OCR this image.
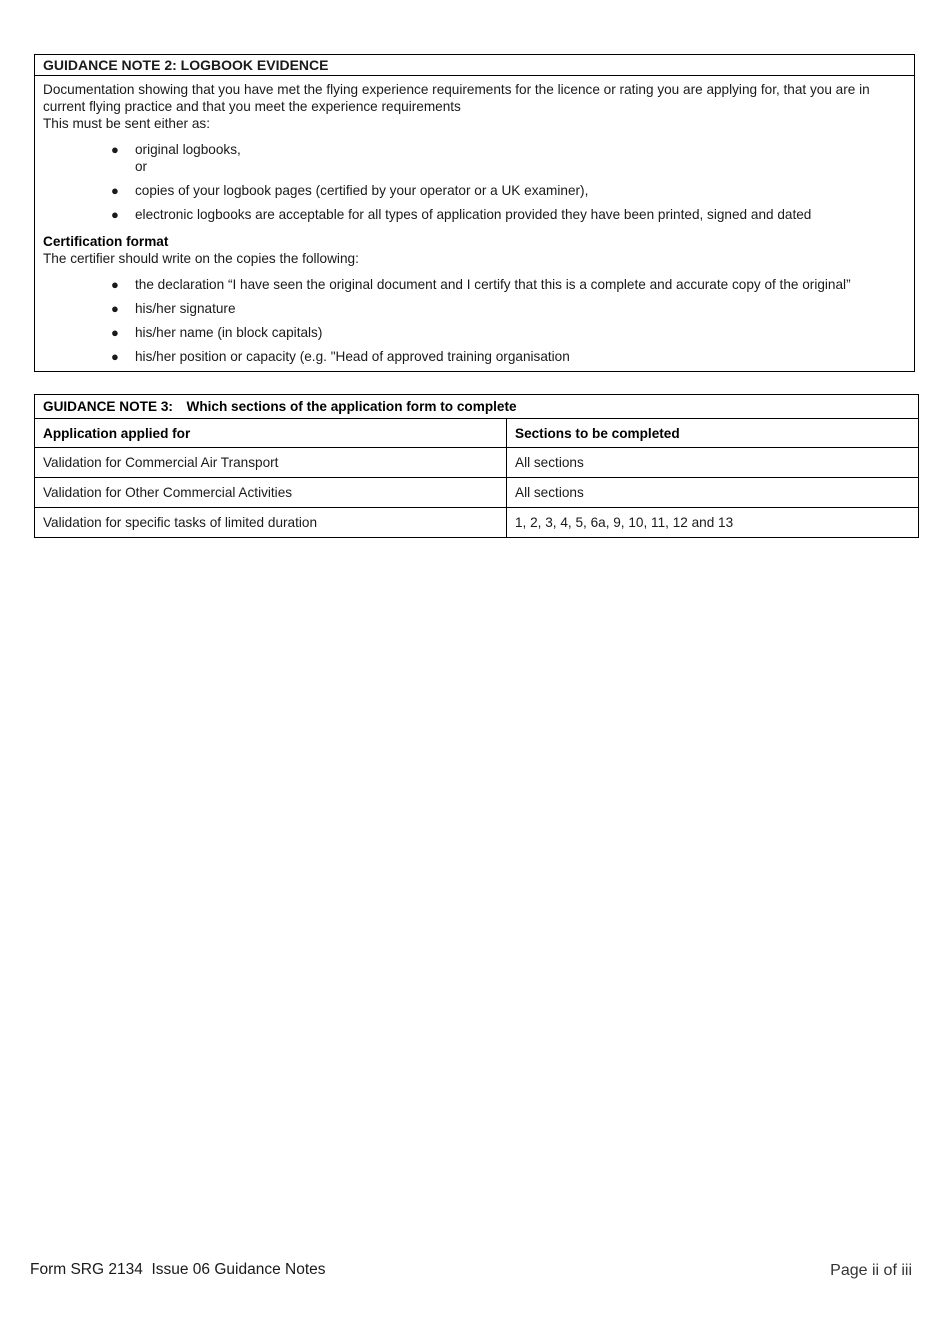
GUIDANCE NOTE 2: LOGBOOK EVIDENCE

Documentation showing that you have met the flying experience requirements for the licence or rating you are applying for, that you are in current flying practice and that you meet the experience requirements

This must be sent either as:

● original logbooks,
or
● copies of your logbook pages (certified by your operator or a UK examiner),
● electronic logbooks are acceptable for all types of application provided they have been printed, signed and dated

Certification format

The certifier should write on the copies the following:

● the declaration “I have seen the original document and I certify that this is a complete and accurate copy of the original”
● his/her signature
● his/her name (in block capitals)
● his/her position or capacity (e.g. "Head of approved training organisation
GUIDANCE NOTE 3: Which sections of the application form to complete	
Application applied for	Sections to be completed
Validation for Commercial Air Transport	All sections
Validation for Other Commercial Activities	All sections
Validation for specific tasks of limited duration	1, 2, 3, 4, 5, 6a, 9, 10, 11, 12 and 13
Form SRG 2134  Issue 06 Guidance Notes	Page ii of iii
